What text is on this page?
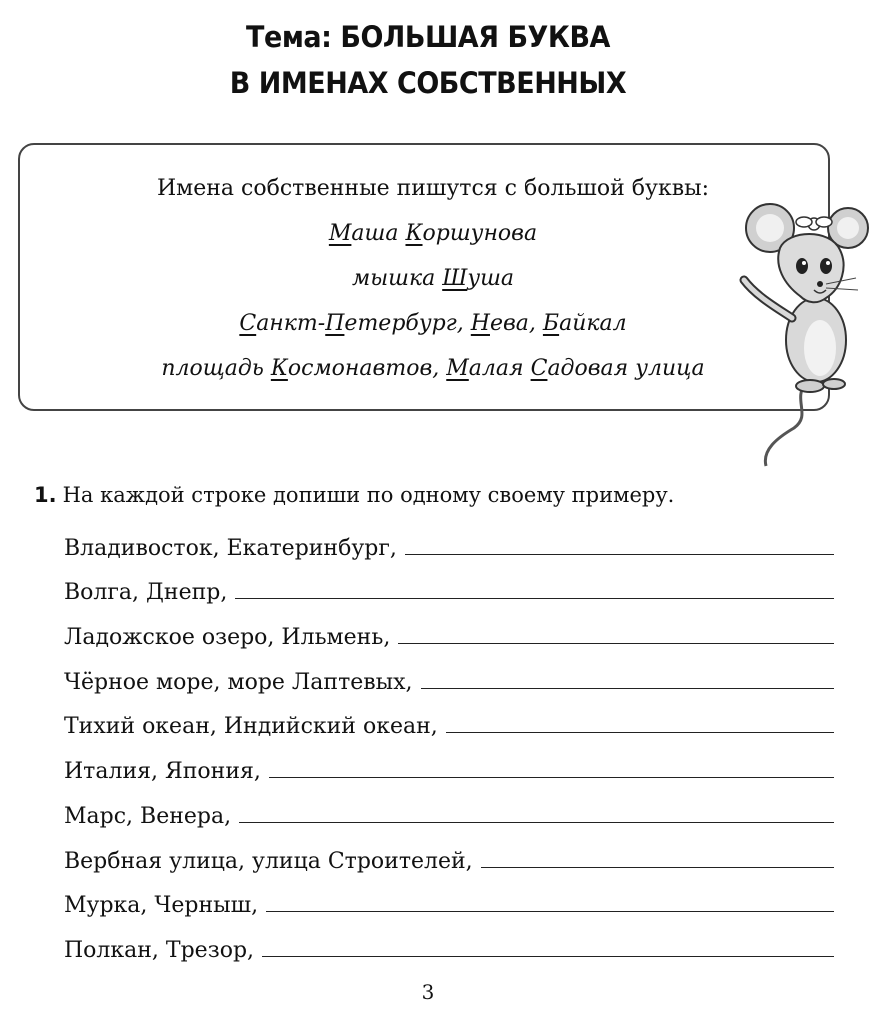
Тема: БОЛЬШАЯ БУКВА
В ИМЕНАХ СОБСТВЕННЫХ
Имена собственные пишутся с большой буквы:
Маша Коршунова
мышка Шуша
Санкт-Петербург, Нева, Байкал
площадь Космонавтов, Малая Садовая улица
1. На каждой строке допиши по одному своему примеру.
Владивосток, Екатеринбург,
Волга, Днепр,
Ладожское озеро, Ильмень,
Чёрное море, море Лаптевых,
Тихий океан, Индийский океан,
Италия, Япония,
Марс, Венера,
Вербная улица, улица Строителей,
Мурка, Черныш,
Полкан, Трезор,
3
